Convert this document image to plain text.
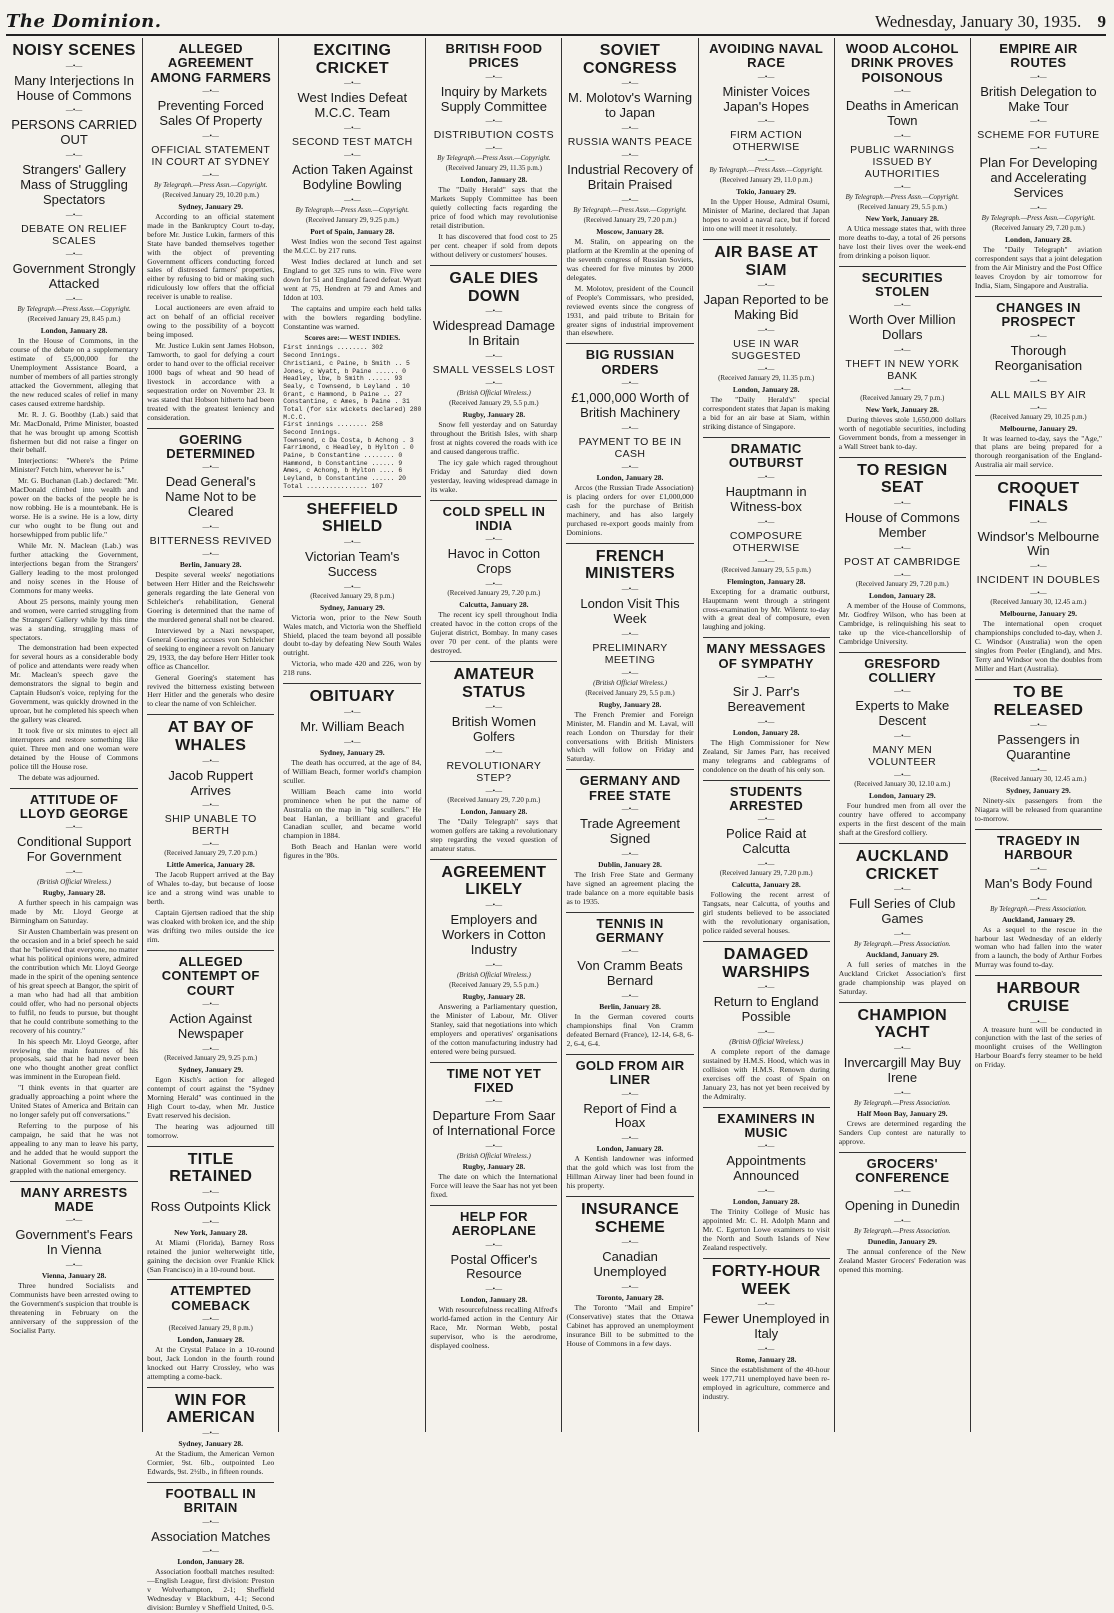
The Dominion.	Wednesday, January 30, 1935. 9
NOISY SCENES
—•—
Many Interjections In House of Commons
—•—
PERSONS CARRIED OUT
—•—
Strangers' Gallery Mass of Struggling Spectators
—•—
DEBATE ON RELIEF SCALES
—•—
Government Strongly Attacked
—•—
By Telegraph.—Press Assn.—Copyright.
(Received January 29, 8.45 p.m.)
London, January 28.

In the House of Commons, in the course of the debate on a supplementary estimate of £5,000,000 for the Unemployment Assistance Board, a number of members of all parties strongly attacked the Government, alleging that the new reduced scales of relief in many cases caused extreme hardship.

Mr. R. J. G. Boothby (Lab.) said that Mr. MacDonald, Prime Minister, boasted that he was brought up among Scottish fishermen but did not raise a finger on their behalf.

Interjections: "Where's the Prime Minister? Fetch him, wherever he is."

Mr. G. Buchanan (Lab.) declared: "Mr. MacDonald climbed into wealth and power on the backs of the people he is now robbing. He is a mountebank. He is worse. He is a swine. He is a low, dirty cur who ought to be flung out and horsewhipped from public life."

While Mr. N. Maclean (Lab.) was further attacking the Government, interjections began from the Strangers' Gallery leading to the most prolonged and noisy scenes in the House of Commons for many weeks.

About 25 persons, mainly young men and women, were carried struggling from the Strangers' Gallery while by this time was a standing, struggling mass of spectators.

The demonstration had been expected for several hours as a considerable body of police and attendants were ready when Mr. Maclean's speech gave the demonstrators the signal to begin and Captain Hudson's voice, replying for the Government, was quickly drowned in the uproar, but he completed his speech when the gallery was cleared.

It took five or six minutes to eject all interrupters and restore something like quiet. Three men and one woman were detained by the House of Commons police till the House rose.

The debate was adjourned.

ATTITUDE OF LLOYD GEORGE
—•—
Conditional Support For Government
—•—
(British Official Wireless.)
Rugby, January 28.

A further speech in his campaign was made by Mr. Lloyd George at Birmingham on Saturday.

Sir Austen Chamberlain was present on the occasion and in a brief speech he said that he "believed that everyone, no matter what his political opinions were, admired the contribution which Mr. Lloyd George made in the spirit of the opening sentence of his great speech at Bangor, the spirit of a man who had had all that ambition could offer, who had no personal objects to fulfil, no feuds to pursue, but thought that he could contribute something to the recovery of his country."

In his speech Mr. Lloyd George, after reviewing the main features of his proposals, said that he had never been one who thought another great conflict was imminent in the European field.

"I think events in that quarter are gradually approaching a point where the United States of America and Britain can no longer safely put off conversations."

Referring to the purpose of his campaign, he said that he was not appealing to any man to leave his party, and he added that he would support the National Government so long as it grappled with the national emergency.

MANY ARRESTS MADE
—•—
Government's Fears In Vienna
—•—
Vienna, January 28.

Three hundred Socialists and Communists have been arrested owing to the Government's suspicion that trouble is threatening in February on the anniversary of the suppression of the Socialist Party.

ALLEGED AGREEMENT AMONG FARMERS
—•—
Preventing Forced Sales Of Property
—•—
OFFICIAL STATEMENT IN COURT AT SYDNEY
—•—
By Telegraph.—Press Assn.—Copyright.
(Received January 29, 10.20 p.m.)
Sydney, January 29.

According to an official statement made in the Bankruptcy Court to-day, before Mr. Justice Lukin, farmers of this State have banded themselves together with the object of preventing Government officers conducting forced sales of distressed farmers' properties, either by refusing to bid or making such ridiculously low offers that the official receiver is unable to realise.

Local auctioneers are even afraid to act on behalf of an official receiver owing to the possibility of a boycott being imposed.

Mr. Justice Lukin sent James Hobson, Tamworth, to gaol for defying a court order to hand over to the official receiver 1000 bags of wheat and 90 head of livestock in accordance with a sequestration order on November 23. It was stated that Hobson hitherto had been treated with the greatest leniency and consideration.

GOERING DETERMINED
—•—
Dead General's Name Not to be Cleared
—•—
BITTERNESS REVIVED
—•—
Berlin, January 28.

Despite several weeks' negotiations between Herr Hitler and the Reichswehr generals regarding the late General von Schleicher's rehabilitation, General Goering is determined that the name of the murdered general shall not be cleared.

Interviewed by a Nazi newspaper, General Goering accuses von Schleicher of seeking to engineer a revolt on January 29, 1933, the day before Herr Hitler took office as Chancellor.

General Goering's statement has revived the bitterness existing between Herr Hitler and the generals who desire to clear the name of von Schleicher.

AT BAY OF WHALES
—•—
Jacob Ruppert Arrives
—•—
SHIP UNABLE TO BERTH
—•—
(Received January 29, 7.20 p.m.)
Little America, January 28.

The Jacob Ruppert arrived at the Bay of Whales to-day, but because of loose ice and a strong wind was unable to berth.

Captain Gjertsen radioed that the ship was cloaked with broken ice, and the ship was drifting two miles outside the ice rim.

ALLEGED CONTEMPT OF COURT
—•—
Action Against Newspaper
—•—
(Received January 29, 9.25 p.m.)
Sydney, January 29.

Egon Kisch's action for alleged contempt of court against the "Sydney Morning Herald" was continued in the High Court to-day, when Mr. Justice Evatt reserved his decision.

The hearing was adjourned till tomorrow.

TITLE RETAINED
—•—
Ross Outpoints Klick
—•—
New York, January 28.

At Miami (Florida), Barney Ross retained the junior welterweight title, gaining the decision over Frankie Klick (San Francisco) in a 10-round bout.

ATTEMPTED COMEBACK
—•—
(Received January 29, 8 p.m.)
London, January 28.

At the Crystal Palace in a 10-round bout, Jack London in the fourth round knocked out Harry Crossley, who was attempting a come-back.

WIN FOR AMERICAN
—•—
Sydney, January 28.

At the Stadium, the American Vernon Cormier, 9st. 6lb., outpointed Leo Edwards, 9st. 2½lb., in fifteen rounds.

FOOTBALL IN BRITAIN
—•—
Association Matches
—•—
London, January 28.

Association football matches resulted:—English League, first division: Preston v Wolverhampton, 2-1; Sheffield Wednesday v Blackburn, 4-1; Second division: Burnley v Sheffield United, 0-5.

EXCITING CRICKET
—•—
West Indies Defeat M.C.C. Team
—•—
SECOND TEST MATCH
—•—
Action Taken Against Bodyline Bowling
—•—
By Telegraph.—Press Assn.—Copyright.
(Received January 29, 9.25 p.m.)
Port of Spain, January 28.

West Indies won the second Test against the M.C.C. by 217 runs.

West Indies declared at lunch and set England to get 325 runs to win. Five were down for 51 and England faced defeat. Wyatt went at 75, Hendren at 79 and Ames and Iddon at 103.

The captains and umpire each held talks with the bowlers regarding bodyline. Constantine was warned.

Scores are:— WEST INDIES.
First innings ........ 302
Second Innings.
Christiani, c Paine, b Smith .. 5
Jones, c Wyatt, b Paine ...... 0
Headley, lbw, b Smith ...... 93
Sealy, c Townsend, b Leyland . 10
Grant, c Hammond, b Paine .. 27
Constantine, c Ames, b Paine . 31
Total (for six wickets declared) 280
M.C.C.
First innings ........ 258
Second Innings.
Townsend, c Da Costa, b Achong . 3
Farrimond, c Headley, b Hylton . 0
Paine, b Constantine ........ 0
Hammond, b Constantine ...... 9
Ames, c Achong, b Hylton .... 6
Leyland, b Constantine ...... 20
Total ................ 107
SHEFFIELD SHIELD
—•—
Victorian Team's Success
—•—
(Received January 29, 8 p.m.)
Sydney, January 29.

Victoria won, prior to the New South Wales match, and Victoria won the Sheffield Shield, placed the team beyond all possible doubt to-day by defeating New South Wales outright.

Victoria, who made 420 and 226, won by 218 runs.

OBITUARY
—•—
Mr. William Beach
—•—
Sydney, January 29.

The death has occurred, at the age of 84, of William Beach, former world's champion sculler.

William Beach came into world prominence when he put the name of Australia on the map in "big scullers." He beat Hanlan, a brilliant and graceful Canadian sculler, and became world champion in 1884.

Both Beach and Hanlan were world figures in the '80s.

BRITISH FOOD PRICES
—•—
Inquiry by Markets Supply Committee
—•—
DISTRIBUTION COSTS
—•—
By Telegraph.—Press Assn.—Copyright.
(Received January 29, 11.35 p.m.)
London, January 28.

The "Daily Herald" says that the Markets Supply Committee has been quietly collecting facts regarding the price of food which may revolutionise retail distribution.

It has discovered that food cost to 25 per cent. cheaper if sold from depots without delivery or customers' houses.

GALE DIES DOWN
—•—
Widespread Damage In Britain
—•—
SMALL VESSELS LOST
—•—
(British Official Wireless.)
(Received January 29, 5.5 p.m.)
Rugby, January 28.

Snow fell yesterday and on Saturday throughout the British Isles, with sharp frost at nights covered the roads with ice and caused dangerous traffic.

The icy gale which raged throughout Friday and Saturday died down yesterday, leaving widespread damage in its wake.

COLD SPELL IN INDIA
—•—
Havoc in Cotton Crops
—•—
(Received January 29, 7.20 p.m.)
Calcutta, January 28.

The recent icy spell throughout India created havoc in the cotton crops of the Gujerat district, Bombay. In many cases over 70 per cent. of the plants were destroyed.

AMATEUR STATUS
—•—
British Women Golfers
—•—
REVOLUTIONARY STEP?
—•—
(Received January 29, 7.20 p.m.)
London, January 28.

The "Daily Telegraph" says that women golfers are taking a revolutionary step regarding the vexed question of amateur status.

AGREEMENT LIKELY
—•—
Employers and Workers in Cotton Industry
—•—
(British Official Wireless.)
(Received January 29, 5.5 p.m.)
Rugby, January 28.

Answering a Parliamentary question, the Minister of Labour, Mr. Oliver Stanley, said that negotiations into which employers and operatives' organisations of the cotton manufacturing industry had entered were being pursued.

TIME NOT YET FIXED
—•—
Departure From Saar of International Force
—•—
(British Official Wireless.)
Rugby, January 28.

The date on which the International Force will leave the Saar has not yet been fixed.

HELP FOR AEROPLANE
—•—
Postal Officer's Resource
—•—
London, January 28.

With resourcefulness recalling Alfred's world-famed action in the Century Air Race, Mr. Norman Webb, postal supervisor, who is the aerodrome, displayed coolness.

SOVIET CONGRESS
—•—
M. Molotov's Warning to Japan
—•—
RUSSIA WANTS PEACE
—•—
Industrial Recovery of Britain Praised
—•—
By Telegraph.—Press Assn.—Copyright.
(Received January 29, 7.20 p.m.)
Moscow, January 28.

M. Stalin, on appearing on the platform at the Kremlin at the opening of the seventh congress of Russian Soviets, was cheered for five minutes by 2000 delegates.

M. Molotov, president of the Council of People's Commissars, who presided, reviewed events since the congress of 1931, and paid tribute to Britain for greater signs of industrial improvement than elsewhere.

BIG RUSSIAN ORDERS
—•—
£1,000,000 Worth of British Machinery
—•—
PAYMENT TO BE IN CASH
—•—
London, January 28.

Arcos (the Russian Trade Association) is placing orders for over £1,000,000 cash for the purchase of British machinery, and has also largely purchased re-export goods mainly from Dominions.

FRENCH MINISTERS
—•—
London Visit This Week
—•—
PRELIMINARY MEETING
—•—
(British Official Wireless.)
(Received January 29, 5.5 p.m.)
Rugby, January 28.

The French Premier and Foreign Minister, M. Flandin and M. Laval, will reach London on Thursday for their conversations with British Ministers which will follow on Friday and Saturday.

GERMANY AND FREE STATE
—•—
Trade Agreement Signed
—•—
Dublin, January 28.

The Irish Free State and Germany have signed an agreement placing the trade balance on a more equitable basis as to 1935.

TENNIS IN GERMANY
—•—
Von Cramm Beats Bernard
—•—
Berlin, January 28.

In the German covered courts championships final Von Cramm defeated Bernard (France), 12-14, 6-8, 6-2, 6-4, 6-4.

GOLD FROM AIR LINER
—•—
Report of Find a Hoax
—•—
London, January 28.

A Kentish landowner was informed that the gold which was lost from the Hillman Airway liner had been found in his property.

INSURANCE SCHEME
—•—
Canadian Unemployed
—•—
Toronto, January 28.

The Toronto "Mail and Empire" (Conservative) states that the Ottawa Cabinet has approved an unemployment insurance Bill to be submitted to the House of Commons in a few days.

AVOIDING NAVAL RACE
—•—
Minister Voices Japan's Hopes
—•—
FIRM ACTION OTHERWISE
—•—
By Telegraph.—Press Assn.—Copyright.
(Received January 29, 11.0 p.m.)
Tokio, January 29.

In the Upper House, Admiral Osumi, Minister of Marine, declared that Japan hopes to avoid a naval race, but if forced into one will meet it resolutely.

AIR BASE AT SIAM
—•—
Japan Reported to be Making Bid
—•—
USE IN WAR SUGGESTED
—•—
(Received January 29, 11.35 p.m.)
London, January 28.

The "Daily Herald's" special correspondent states that Japan is making a bid for an air base at Siam, within striking distance of Singapore.

DRAMATIC OUTBURST
—•—
Hauptmann in Witness-box
—•—
COMPOSURE OTHERWISE
—•—
(Received January 29, 5.5 p.m.)
Flemington, January 28.

Excepting for a dramatic outburst, Hauptmann went through a stringent cross-examination by Mr. Wilentz to-day with a great deal of composure, even laughing and joking.

MANY MESSAGES OF SYMPATHY
—•—
Sir J. Parr's Bereavement
—•—
London, January 28.

The High Commissioner for New Zealand, Sir James Parr, has received many telegrams and cablegrams of condolence on the death of his only son.

STUDENTS ARRESTED
—•—
Police Raid at Calcutta
—•—
(Received January 29, 7.20 p.m.)
Calcutta, January 28.

Following the recent arrest of Tangsats, near Calcutta, of youths and girl students believed to be associated with the revolutionary organisation, police raided several houses.

DAMAGED WARSHIPS
—•—
Return to England Possible
—•—
(British Official Wireless.)

A complete report of the damage sustained by H.M.S. Hood, which was in collision with H.M.S. Renown during exercises off the coast of Spain on January 23, has not yet been received by the Admiralty.

EXAMINERS IN MUSIC
—•—
Appointments Announced
—•—
London, January 28.

The Trinity College of Music has appointed Mr. C. H. Adolph Mann and Mr. C. Egerton Lowe examiners to visit the North and South Islands of New Zealand respectively.

FORTY-HOUR WEEK
—•—
Fewer Unemployed in Italy
—•—
Rome, January 28.

Since the establishment of the 40-hour week 177,711 unemployed have been re-employed in agriculture, commerce and industry.

WOOD ALCOHOL DRINK PROVES POISONOUS
—•—
Deaths in American Town
—•—
PUBLIC WARNINGS ISSUED BY AUTHORITIES
—•—
By Telegraph.—Press Assn.—Copyright.
(Received January 29, 5.5 p.m.)
New York, January 28.

A Utica message states that, with three more deaths to-day, a total of 26 persons have lost their lives over the week-end from drinking a poison liquor.

SECURITIES STOLEN
—•—
Worth Over Million Dollars
—•—
THEFT IN NEW YORK BANK
—•—
(Received January 29, 7 p.m.)
New York, January 28.

During thieves stole 1,650,000 dollars worth of negotiable securities, including Government bonds, from a messenger in a Wall Street bank to-day.

TO RESIGN SEAT
—•—
House of Commons Member
—•—
POST AT CAMBRIDGE
—•—
(Received January 29, 7.20 p.m.)
London, January 28.

A member of the House of Commons, Mr. Godfrey Wilson, who has been at Cambridge, is relinquishing his seat to take up the vice-chancellorship of Cambridge University.

GRESFORD COLLIERY
—•—
Experts to Make Descent
—•—
MANY MEN VOLUNTEER
—•—
(Received January 30, 12.10 a.m.)
London, January 29.

Four hundred men from all over the country have offered to accompany experts in the first descent of the main shaft at the Gresford colliery.

AUCKLAND CRICKET
—•—
Full Series of Club Games
—•—
By Telegraph.—Press Association.
Auckland, January 29.

A full series of matches in the Auckland Cricket Association's first grade championship was played on Saturday.

CHAMPION YACHT
—•—
Invercargill May Buy Irene
—•—
By Telegraph.—Press Association.
Half Moon Bay, January 29.

Crews are determined regarding the Sanders Cup contest are naturally to approve.

GROCERS' CONFERENCE
—•—
Opening in Dunedin
—•—
By Telegraph.—Press Association.
Dunedin, January 29.

The annual conference of the New Zealand Master Grocers' Federation was opened this morning.

EMPIRE AIR ROUTES
—•—
British Delegation to Make Tour
—•—
SCHEME FOR FUTURE
—•—
Plan For Developing and Accelerating Services
—•—
By Telegraph.—Press Assn.—Copyright.
(Received January 29, 7.20 p.m.)
London, January 28.

The "Daily Telegraph" aviation correspondent says that a joint delegation from the Air Ministry and the Post Office leaves Croydon by air tomorrow for India, Siam, Singapore and Australia.

CHANGES IN PROSPECT
—•—
Thorough Reorganisation
—•—
ALL MAILS BY AIR
—•—
(Received January 29, 10.25 p.m.)
Melbourne, January 29.

It was learned to-day, says the "Age," that plans are being prepared for a thorough reorganisation of the England-Australia air mail service.

CROQUET FINALS
—•—
Windsor's Melbourne Win
—•—
INCIDENT IN DOUBLES
—•—
(Received January 30, 12.45 a.m.)
Melbourne, January 29.

The international open croquet championships concluded to-day, when J. C. Windsor (Australia) won the open singles from Peeler (England), and Mrs. Terry and Windsor won the doubles from Miller and Hart (Australia).

TO BE RELEASED
—•—
Passengers in Quarantine
—•—
(Received January 30, 12.45 a.m.)
Sydney, January 29.

Ninety-six passengers from the Niagara will be released from quarantine to-morrow.

TRAGEDY IN HARBOUR
—•—
Man's Body Found
—•—
By Telegraph.—Press Association.
Auckland, January 29.

As a sequel to the rescue in the harbour last Wednesday of an elderly woman who had fallen into the water from a launch, the body of Arthur Forbes Murray was found to-day.

HARBOUR CRUISE
—•—

A treasure hunt will be conducted in conjunction with the last of the series of moonlight cruises of the Wellington Harbour Board's ferry steamer to be held on Friday.
